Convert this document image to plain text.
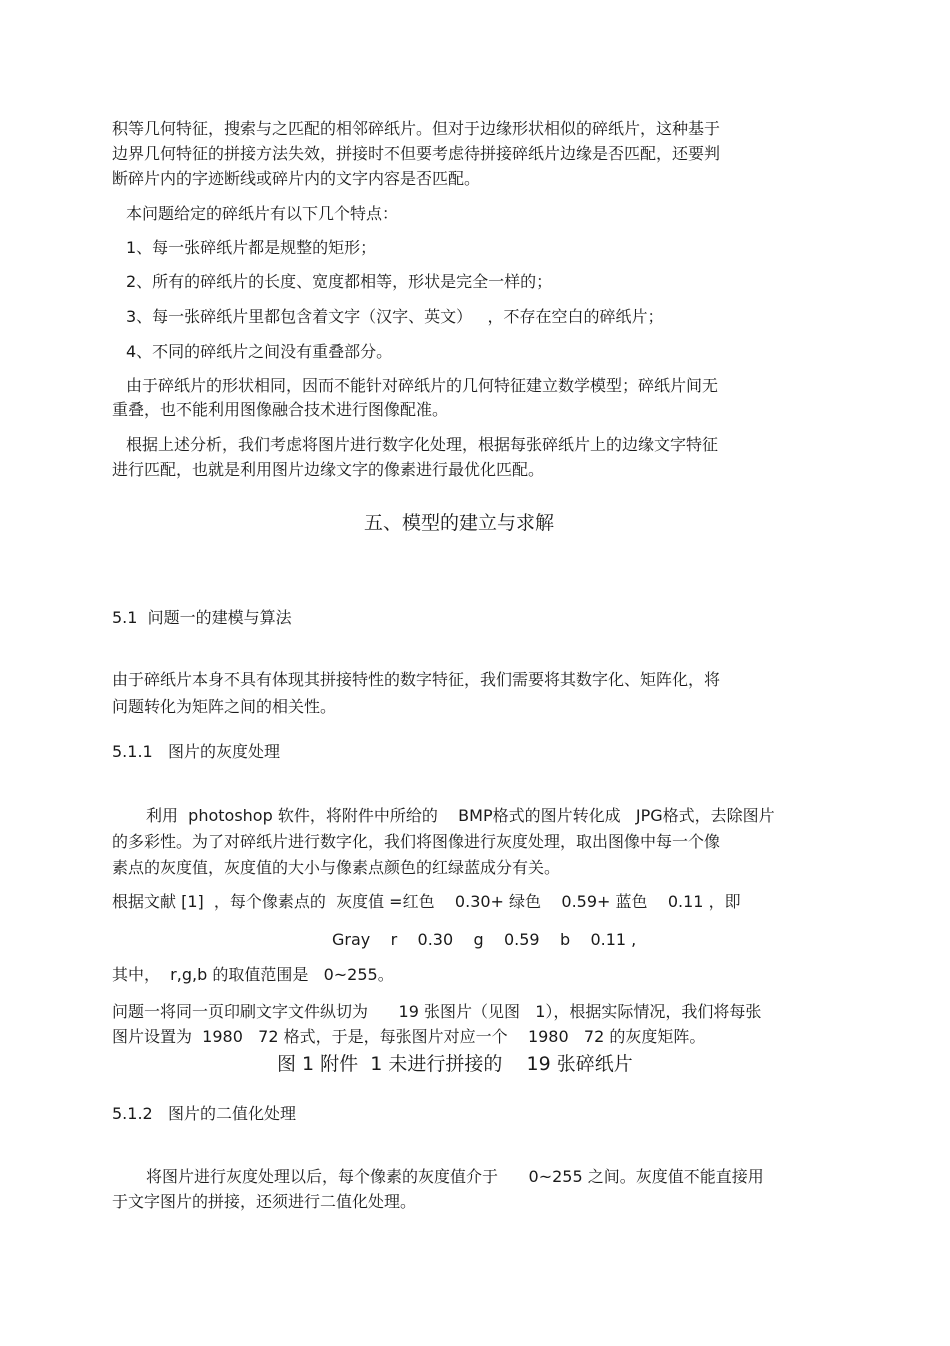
积等几何特征，搜索与之匹配的相邻碎纸片。但对于边缘形状相似的碎纸片，这种基于
边界几何特征的拼接方法失效，拼接时不但要考虑待拼接碎纸片边缘是否匹配，还要判
断碎片内的字迹断线或碎片内的文字内容是否匹配。
本问题给定的碎纸片有以下几个特点：
1、每一张碎纸片都是规整的矩形；
2、所有的碎纸片的长度、宽度都相等，形状是完全一样的；
3、每一张碎纸片里都包含着文字（汉字、英文）   ，不存在空白的碎纸片；
4、不同的碎纸片之间没有重叠部分。
由于碎纸片的形状相同，因而不能针对碎纸片的几何特征建立数学模型；碎纸片间无
重叠，也不能利用图像融合技术进行图像配准。
根据上述分析，我们考虑将图片进行数字化处理，根据每张碎纸片上的边缘文字特征
进行匹配，也就是利用图片边缘文字的像素进行最优化匹配。
五、模型的建立与求解
5.1  问题一的建模与算法
由于碎纸片本身不具有体现其拼接特性的数字特征，我们需要将其数字化、矩阵化，将
问题转化为矩阵之间的相关性。
5.1.1   图片的灰度处理
利用  photoshop 软件，将附件中所给的    BMP格式的图片转化成   JPG格式，去除图片
的多彩性。为了对碎纸片进行数字化，我们将图像进行灰度处理，取出图像中每一个像
素点的灰度值，灰度值的大小与像素点颜色的红绿蓝成分有关。
根据文献 [1]  ，每个像素点的  灰度值 =红色    0.30+ 绿色    0.59+ 蓝色    0.11 ，即
Gray    r    0.30    g    0.59    b    0.11 ,
其中，  r,g,b 的取值范围是   0~255。
问题一将同一页印刷文字文件纵切为      19 张图片（见图   1），根据实际情况，我们将每张
图片设置为  1980   72 格式，于是，每张图片对应一个    1980   72 的灰度矩阵。
图 1 附件  1 未进行拼接的    19 张碎纸片
5.1.2   图片的二值化处理
将图片进行灰度处理以后，每个像素的灰度值介于      0~255 之间。灰度值不能直接用
于文字图片的拼接，还须进行二值化处理。
